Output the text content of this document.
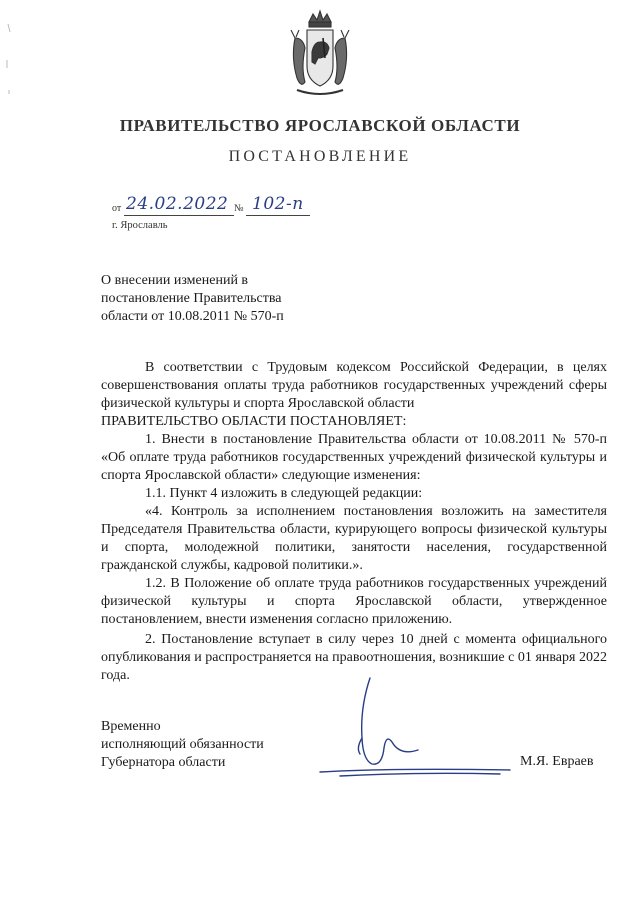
ПРАВИТЕЛЬСТВО ЯРОСЛАВСКОЙ ОБЛАСТИ
ПОСТАНОВЛЕНИЕ
от 24.02.2022 № 102-п
г. Ярославль
О внесении изменений в
постановление Правительства
области от 10.08.2011 № 570-п

В соответствии с Трудовым кодексом Российской Федерации, в целях совершенствования оплаты труда работников государственных учреждений сферы физической культуры и спорта Ярославской области

ПРАВИТЕЛЬСТВО ОБЛАСТИ ПОСТАНОВЛЯЕТ:

1. Внести в постановление Правительства области от 10.08.2011 № 570-п «Об оплате труда работников государственных учреждений физической культуры и спорта Ярославской области» следующие изменения:

1.1. Пункт 4 изложить в следующей редакции:

«4. Контроль за исполнением постановления возложить на заместителя Председателя Правительства области, курирующего вопросы физической культуры и спорта, молодежной политики, занятости населения, государственной гражданской службы, кадровой политики.».

1.2. В Положение об оплате труда работников государственных учреждений физической культуры и спорта Ярославской области, утвержденное постановлением, внести изменения согласно приложению.

2. Постановление вступает в силу через 10 дней с момента официального опубликования и распространяется на правоотношения, возникшие с 01 января 2022 года.

Временно
исполняющий обязанности
Губернатора области	М.Я. Евраев
